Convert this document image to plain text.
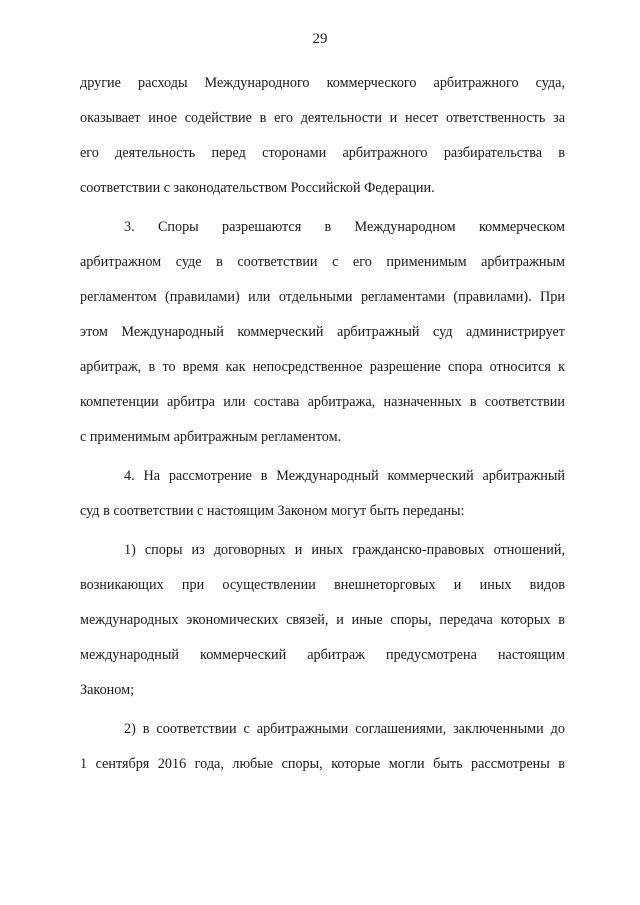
29
другие расходы Международного коммерческого арбитражного суда,
оказывает иное содействие в его деятельности и несет ответственность за
его деятельность перед сторонами арбитражного разбирательства в
соответствии с законодательством Российской Федерации.
3. Споры разрешаются в Международном коммерческом
арбитражном суде в соответствии с его применимым арбитражным
регламентом (правилами) или отдельными регламентами (правилами). При
этом Международный коммерческий арбитражный суд администрирует
арбитраж, в то время как непосредственное разрешение спора относится к
компетенции арбитра или состава арбитража, назначенных в соответствии
с применимым арбитражным регламентом.
4. На рассмотрение в Международный коммерческий арбитражный
суд в соответствии с настоящим Законом могут быть переданы:
1) споры из договорных и иных гражданско-правовых отношений,
возникающих при осуществлении внешнеторговых и иных видов
международных экономических связей, и иные споры, передача которых в
международный коммерческий арбитраж предусмотрена настоящим
Законом;
2) в соответствии с арбитражными соглашениями, заключенными до
1 сентября 2016 года, любые споры, которые могли быть рассмотрены в
